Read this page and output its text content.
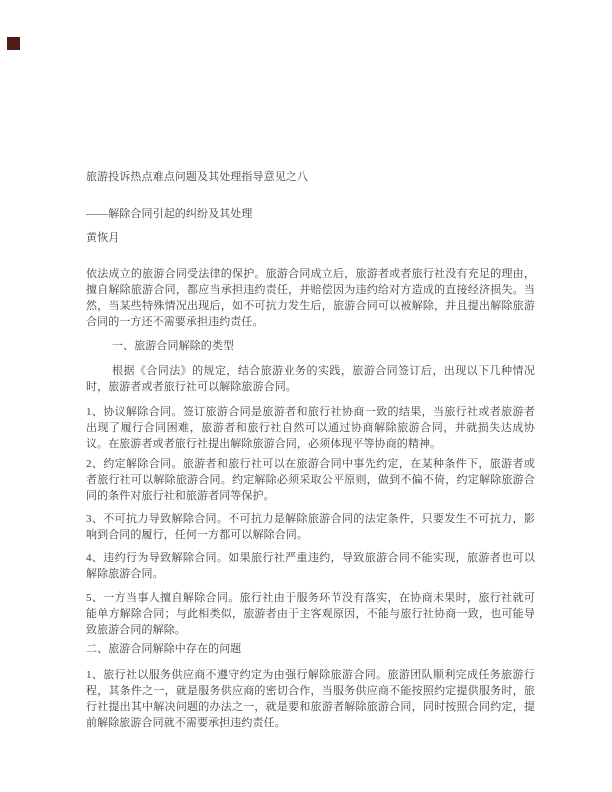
旅游投诉热点难点问题及其处理指导意见之八

——解除合同引起的纠纷及其处理

黄恢月

依法成立的旅游合同受法律的保护。旅游合同成立后，旅游者或者旅行社没有充足的理由，擅自解除旅游合同，都应当承担违约责任，并赔偿因为违约给对方造成的直接经济损失。当然，当某些特殊情况出现后，如不可抗力发生后，旅游合同可以被解除，并且提出解除旅游合同的一方还不需要承担违约责任。

一、旅游合同解除的类型

根据《合同法》的规定，结合旅游业务的实践，旅游合同签订后，出现以下几种情况时，旅游者或者旅行社可以解除旅游合同。

1、协议解除合同。签订旅游合同是旅游者和旅行社协商一致的结果，当旅行社或者旅游者出现了履行合同困难，旅游者和旅行社自然可以通过协商解除旅游合同，并就损失达成协议。在旅游者或者旅行社提出解除旅游合同，必须体现平等协商的精神。

2、约定解除合同。旅游者和旅行社可以在旅游合同中事先约定，在某种条件下，旅游者或者旅行社可以解除旅游合同。约定解除必须采取公平原则，做到不偏不倚，约定解除旅游合同的条件对旅行社和旅游者同等保护。

3、不可抗力导致解除合同。不可抗力是解除旅游合同的法定条件，只要发生不可抗力，影响到合同的履行，任何一方都可以解除合同。

4、违约行为导致解除合同。如果旅行社严重违约，导致旅游合同不能实现，旅游者也可以解除旅游合同。

5、一方当事人擅自解除合同。旅行社由于服务环节没有落实，在协商未果时，旅行社就可能单方解除合同；与此相类似，旅游者由于主客观原因，不能与旅行社协商一致，也可能导致旅游合同的解除。

二、旅游合同解除中存在的问题

1、旅行社以服务供应商不遵守约定为由强行解除旅游合同。旅游团队顺利完成任务旅游行程，其条件之一，就是服务供应商的密切合作，当服务供应商不能按照约定提供服务时，旅行社提出其中解决问题的办法之一，就是要和旅游者解除旅游合同，同时按照合同约定，提前解除旅游合同就不需要承担违约责任。
